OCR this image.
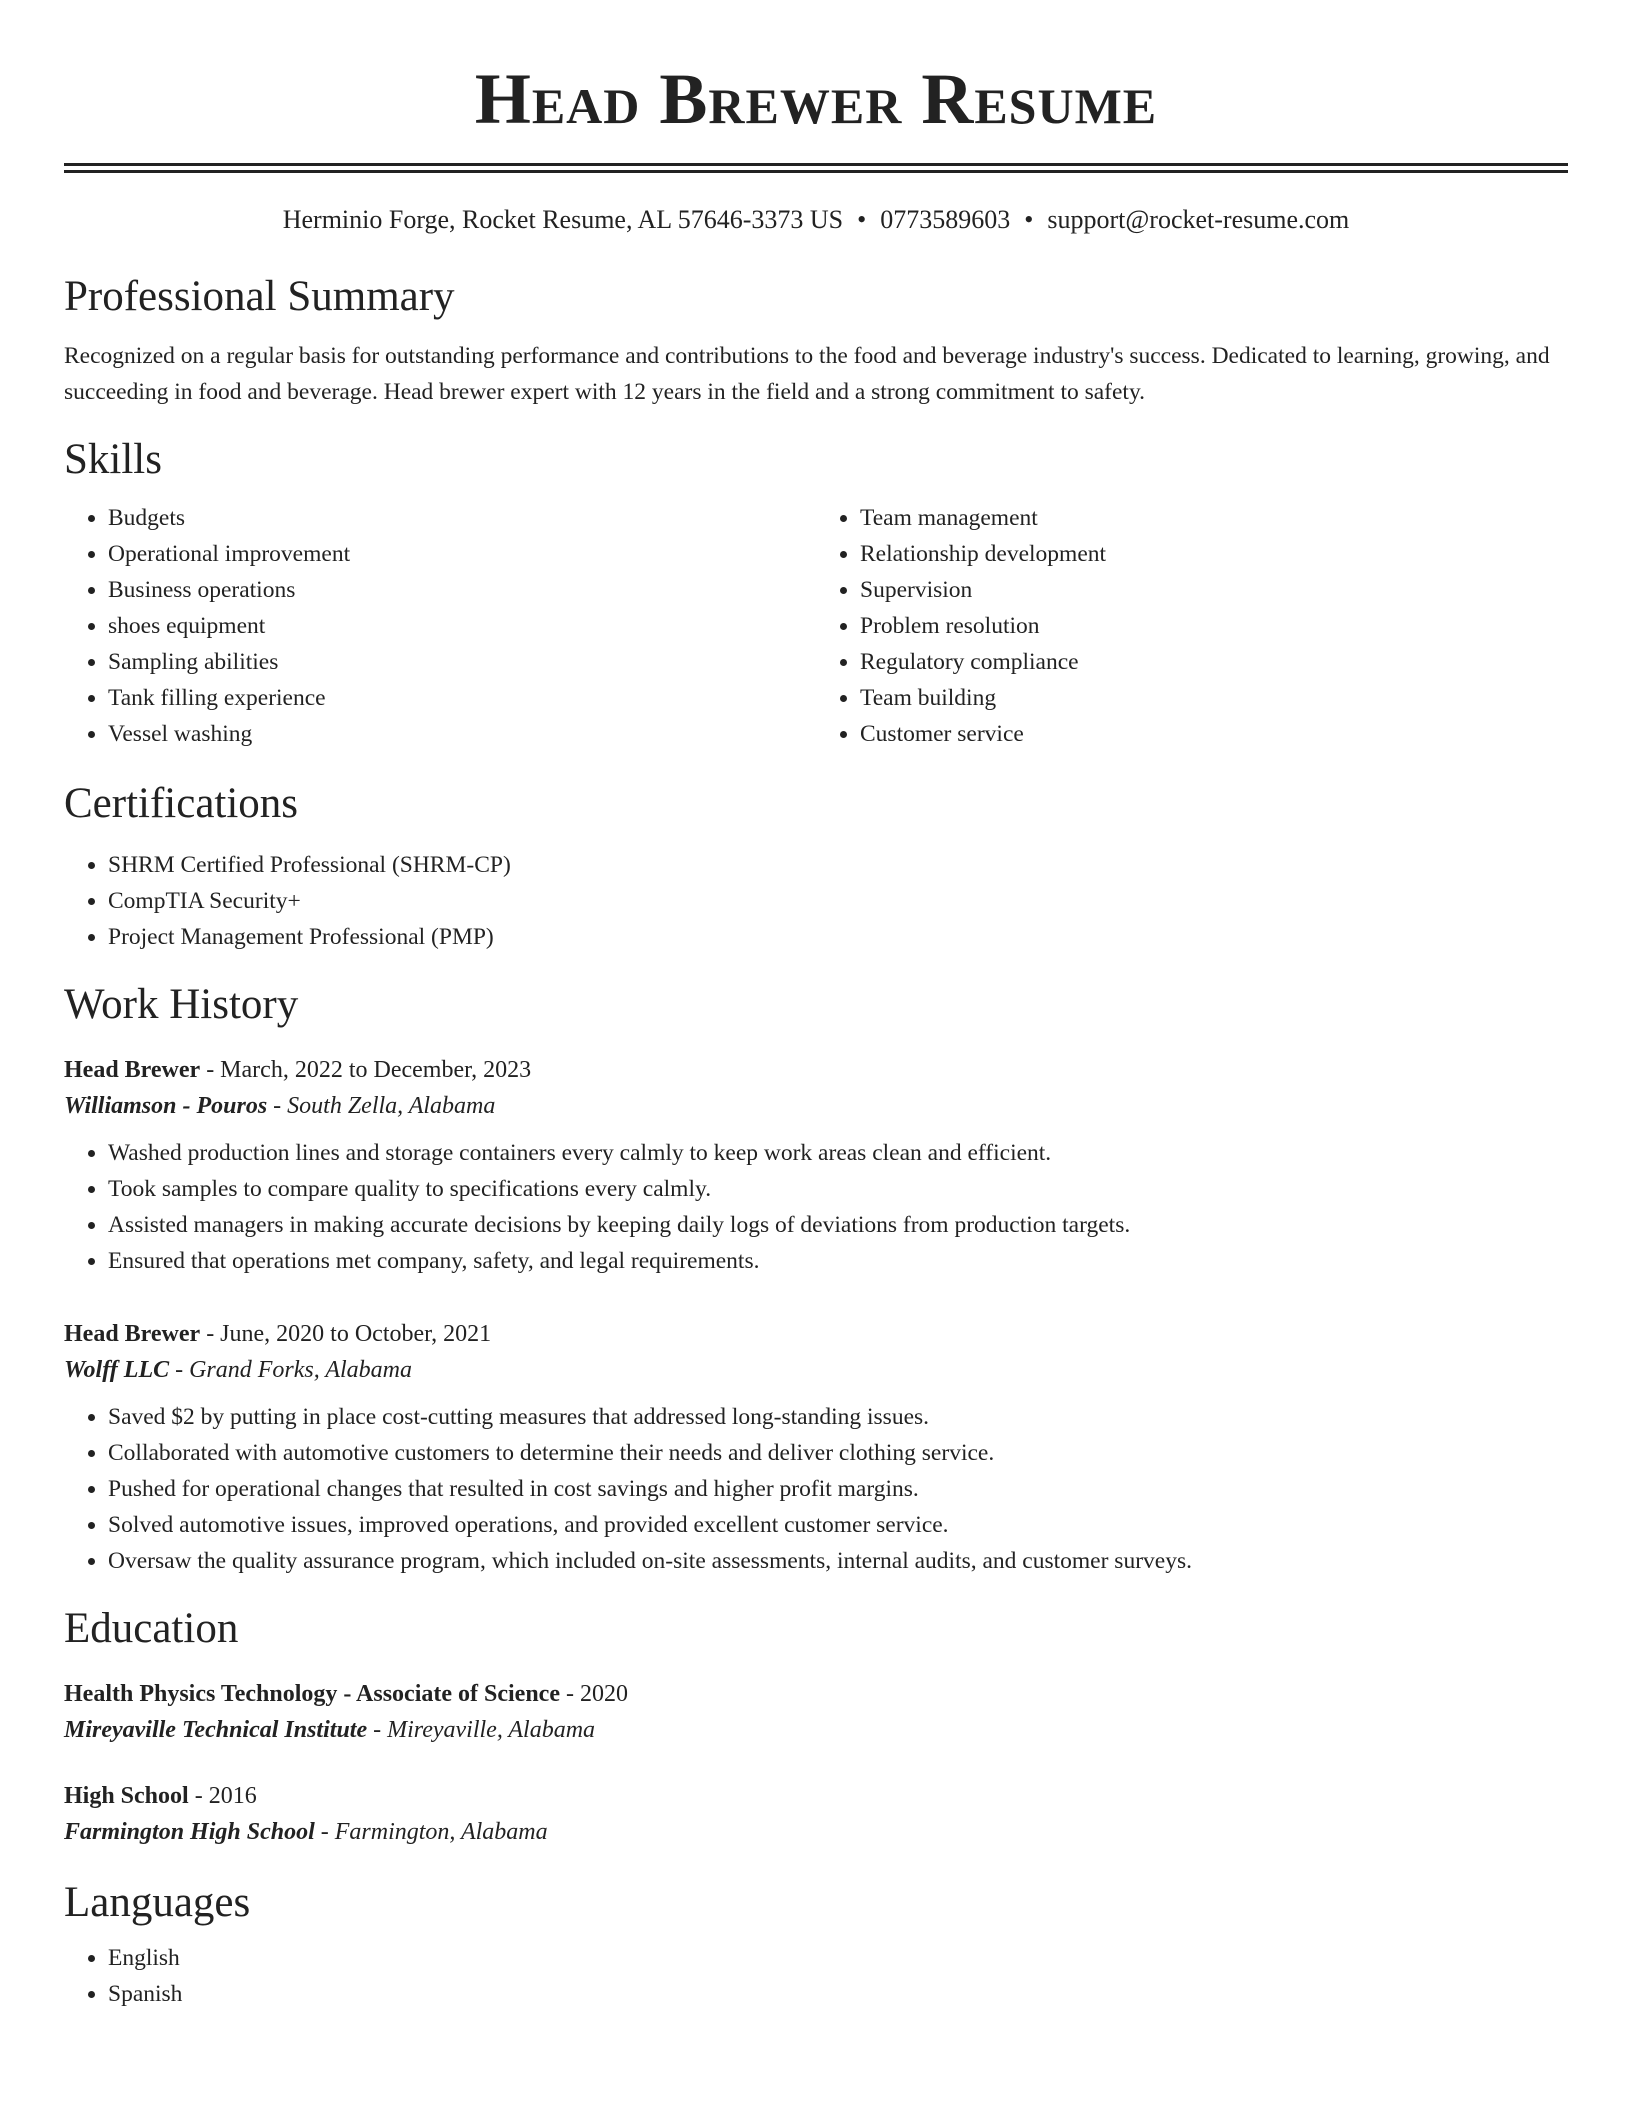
Head Brewer Resume
Herminio Forge, Rocket Resume, AL 57646-3373 US • 0773589603 • support@rocket-resume.com
Professional Summary

Recognized on a regular basis for outstanding performance and contributions to the food and beverage industry's success. Dedicated to learning, growing, and succeeding in food and beverage. Head brewer expert with 12 years in the field and a strong commitment to safety.

Skills
• Budgets
• Operational improvement
• Business operations
• shoes equipment
• Sampling abilities
• Tank filling experience
• Vessel washing
• Team management
• Relationship development
• Supervision
• Problem resolution
• Regulatory compliance
• Team building
• Customer service
Certifications
• SHRM Certified Professional (SHRM-CP)
• CompTIA Security+
• Project Management Professional (PMP)
Work History
Head Brewer - March, 2022 to December, 2023
Williamson - Pouros - South Zella, Alabama
• Washed production lines and storage containers every calmly to keep work areas clean and efficient.
• Took samples to compare quality to specifications every calmly.
• Assisted managers in making accurate decisions by keeping daily logs of deviations from production targets.
• Ensured that operations met company, safety, and legal requirements.
Head Brewer - June, 2020 to October, 2021
Wolff LLC - Grand Forks, Alabama
• Saved $2 by putting in place cost-cutting measures that addressed long-standing issues.
• Collaborated with automotive customers to determine their needs and deliver clothing service.
• Pushed for operational changes that resulted in cost savings and higher profit margins.
• Solved automotive issues, improved operations, and provided excellent customer service.
• Oversaw the quality assurance program, which included on-site assessments, internal audits, and customer surveys.
Education
Health Physics Technology - Associate of Science - 2020
Mireyaville Technical Institute - Mireyaville, Alabama
High School - 2016
Farmington High School - Farmington, Alabama
Languages
• English
• Spanish
